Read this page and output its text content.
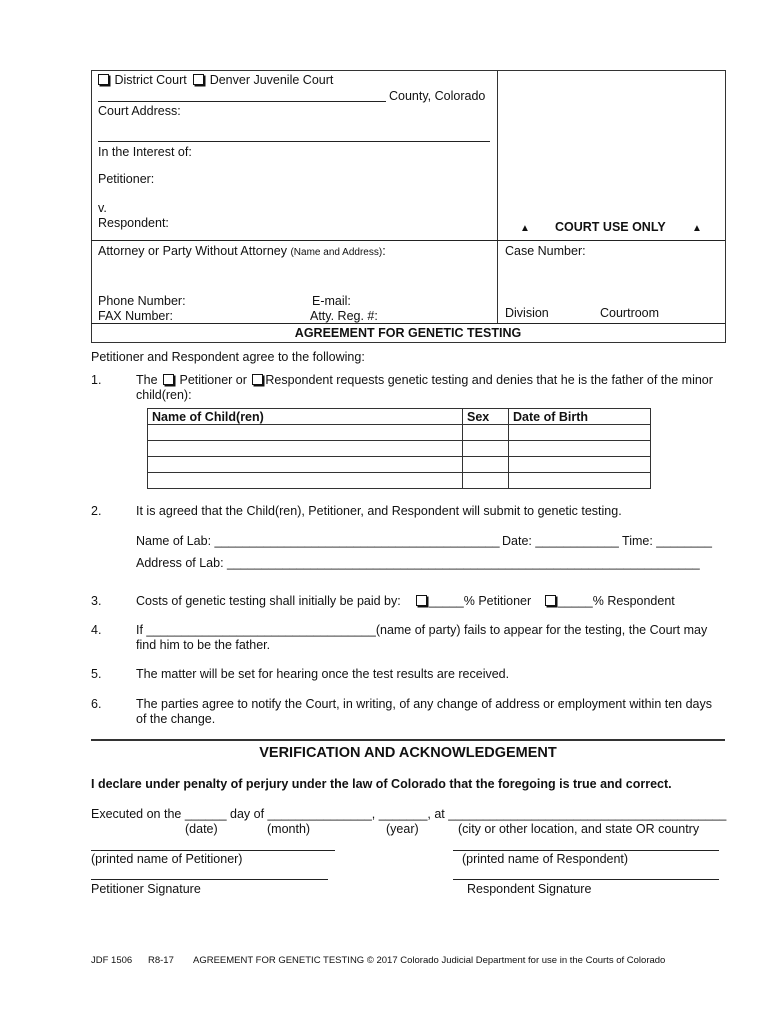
District Court Denver Juvenile Court
County, Colorado
Court Address:
In the Interest of:
Petitioner:
v.
Respondent:	▲ COURT USE ONLY	▲
Attorney or Party Without Attorney (Name and Address):	Case Number:
Phone Number:	E-mail:
FAX Number:	Atty. Reg. #:	Division	Courtroom
AGREEMENT FOR GENETIC TESTING
Petitioner and Respondent agree to the following:
1.	The Petitioner or Respondent requests genetic testing and denies that he is the father of the minor
child(ren):
Name of Child(ren)	Sex	Date of Birth

2.	It is agreed that the Child(ren), Petitioner, and Respondent will submit to genetic testing.
Name of Lab: _________________________________________ Date: ____________ Time: ________
Address of Lab: ____________________________________________________________________
3.	Costs of genetic testing shall initially be paid by:	_____% Petitioner	_____% Respondent
4.	If _________________________________(name of party) fails to appear for the testing, the Court may
find him to be the father.
5.	The matter will be set for hearing once the test results are received.
6.	The parties agree to notify the Court, in writing, of any change of address or employment within ten days
of the change.
VERIFICATION AND ACKNOWLEDGEMENT
I declare under penalty of perjury under the law of Colorado that the foregoing is true and correct.
Executed on the ______ day of _______________, _______, at ________________________________________
(date)	(month)	(year)	(city or other location, and state OR country
(printed name of Petitioner)	(printed name of Respondent)
Petitioner Signature	Respondent Signature
JDF 1506 R8-17 AGREEMENT FOR GENETIC TESTING © 2017 Colorado Judicial Department for use in the Courts of Colorado
